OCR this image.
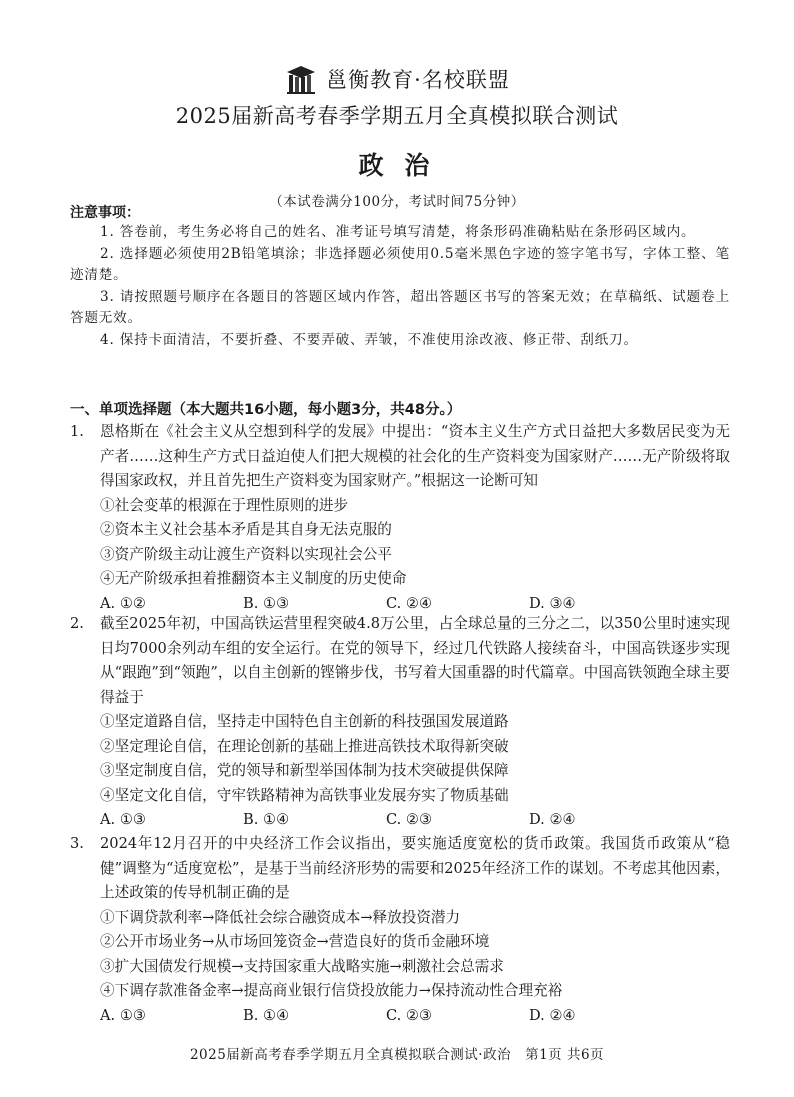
邕衡教育·名校联盟
2025届新高考春季学期五月全真模拟联合测试
政 治
（本试卷满分100分，考试时间75分钟）
注意事项：
1. 答卷前，考生务必将自己的姓名、准考证号填写清楚，将条形码准确粘贴在条形码区域内。
2. 选择题必须使用2B铅笔填涂；非选择题必须使用0.5毫米黑色字迹的签字笔书写，字体工整、笔迹清楚。
3. 请按照题号顺序在各题目的答题区域内作答，超出答题区书写的答案无效；在草稿纸、试题卷上答题无效。
4. 保持卡面清洁，不要折叠、不要弄破、弄皱，不准使用涂改液、修正带、刮纸刀。
一、单项选择题（本大题共16小题，每小题3分，共48分。）
1. 恩格斯在《社会主义从空想到科学的发展》中提出：“资本主义生产方式日益把大多数居民变为无产者……这种生产方式日益迫使人们把大规模的社会化的生产资料变为国家财产……无产阶级将取得国家政权，并且首先把生产资料变为国家财产。”根据这一论断可知
①社会变革的根源在于理性原则的进步
②资本主义社会基本矛盾是其自身无法克服的
③资产阶级主动让渡生产资料以实现社会公平
④无产阶级承担着推翻资本主义制度的历史使命
A. ①②	B. ①③	C. ②④	D. ③④
2. 截至2025年初，中国高铁运营里程突破4.8万公里，占全球总量的三分之二，以350公里时速实现日均7000余列动车组的安全运行。在党的领导下，经过几代铁路人接续奋斗，中国高铁逐步实现从“跟跑”到“领跑”，以自主创新的铿锵步伐，书写着大国重器的时代篇章。中国高铁领跑全球主要得益于
①坚定道路自信，坚持走中国特色自主创新的科技强国发展道路
②坚定理论自信，在理论创新的基础上推进高铁技术取得新突破
③坚定制度自信，党的领导和新型举国体制为技术突破提供保障
④坚定文化自信，守牢铁路精神为高铁事业发展夯实了物质基础
A. ①③	B. ①④	C. ②③	D. ②④
3. 2024年12月召开的中央经济工作会议指出，要实施适度宽松的货币政策。我国货币政策从“稳健”调整为“适度宽松”，是基于当前经济形势的需要和2025年经济工作的谋划。不考虑其他因素，上述政策的传导机制正确的是
①下调贷款利率→降低社会综合融资成本→释放投资潜力
②公开市场业务→从市场回笼资金→营造良好的货币金融环境
③扩大国债发行规模→支持国家重大战略实施→刺激社会总需求
④下调存款准备金率→提高商业银行信贷投放能力→保持流动性合理充裕
A. ①③	B. ①④	C. ②③	D. ②④
2025届新高考春季学期五月全真模拟联合测试·政治　第1页 共6页
